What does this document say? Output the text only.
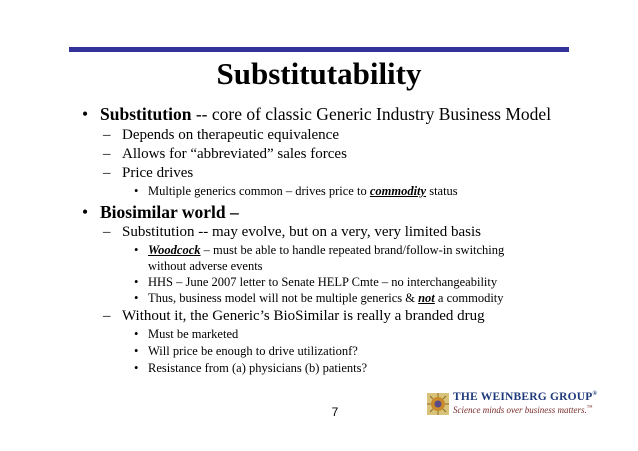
Substitutability
• Substitution -- core of classic Generic Industry Business Model
– Depends on therapeutic equivalence
– Allows for “abbreviated” sales forces
– Price drives
• Multiple generics common – drives price to commodity status
• Biosimilar world –
– Substitution -- may evolve, but on a very, very limited basis
• Woodcock – must be able to handle repeated brand/follow-in switching
without adverse events
• HHS – June 2007 letter to Senate HELP Cmte – no interchangeability
• Thus, business model will not be multiple generics & not a commodity
– Without it, the Generic’s BioSimilar is really a branded drug
• Must be marketed
• Will price be enough to drive utilizationf?
• Resistance from (a) physicians (b) patients?
7
THE WEINBERG GROUP®
Science minds over business matters.™
